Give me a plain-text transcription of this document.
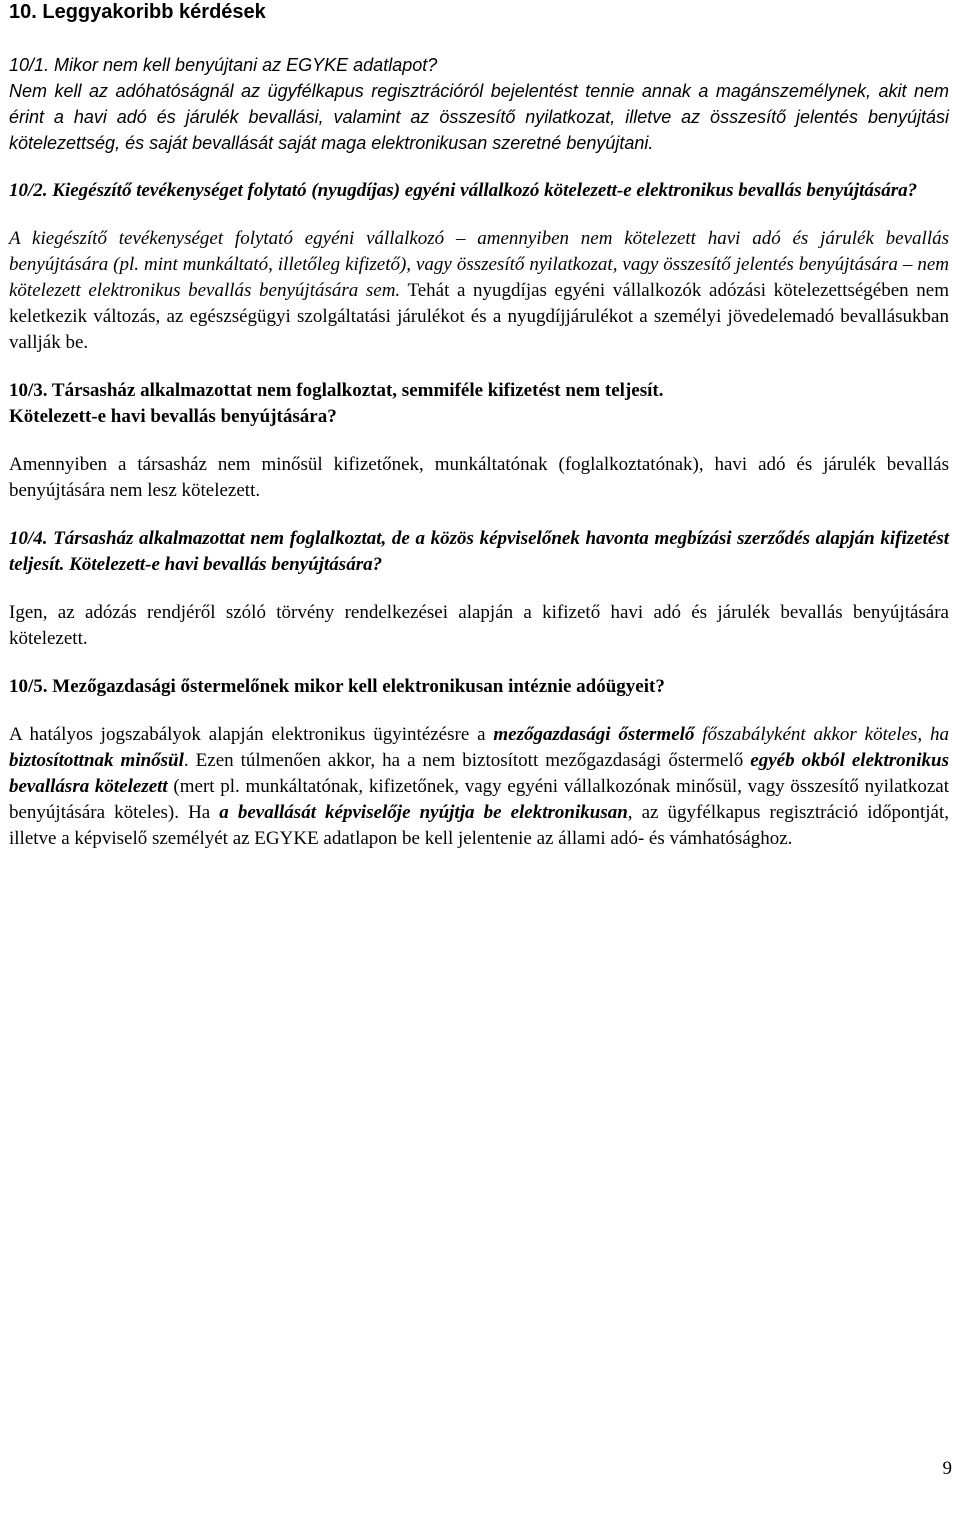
10. Leggyakoribb kérdések
10/1. Mikor nem kell benyújtani az EGYKE adatlapot?
Nem kell az adóhatóságnál az ügyfélkapus regisztrációról bejelentést tennie annak a magánszemélynek, akit nem érint a havi adó és járulék bevallási, valamint az összesítő nyilatkozat, illetve az összesítő jelentés benyújtási kötelezettség, és saját bevallását saját maga elektronikusan szeretné benyújtani.
10/2. Kiegészítő tevékenységet folytató (nyugdíjas) egyéni vállalkozó kötelezett-e elektronikus bevallás benyújtására?
A kiegészítő tevékenységet folytató egyéni vállalkozó – amennyiben nem kötelezett havi adó és járulék bevallás benyújtására (pl. mint munkáltató, illetőleg kifizető), vagy összesítő nyilatkozat, vagy összesítő jelentés benyújtására – nem kötelezett elektronikus bevallás benyújtására sem. Tehát a nyugdíjas egyéni vállalkozók adózási kötelezettségében nem keletkezik változás, az egészségügyi szolgáltatási járulékot és a nyugdíjjárulékot a személyi jövedelemadó bevallásukban vallják be.
10/3. Társasház alkalmazottat nem foglalkoztat, semmiféle kifizetést nem teljesít.
Kötelezett-e havi bevallás benyújtására?
Amennyiben a társasház nem minősül kifizetőnek, munkáltatónak (foglalkoztatónak), havi adó és járulék bevallás benyújtására nem lesz kötelezett.
10/4. Társasház alkalmazottat nem foglalkoztat, de a közös képviselőnek havonta megbízási szerződés alapján kifizetést teljesít. Kötelezett-e havi bevallás benyújtására?
Igen, az adózás rendjéről szóló törvény rendelkezései alapján a kifizető havi adó és járulék bevallás benyújtására kötelezett.
10/5. Mezőgazdasági őstermelőnek mikor kell elektronikusan intéznie adóügyeit?
A hatályos jogszabályok alapján elektronikus ügyintézésre a mezőgazdasági őstermelő főszabályként akkor köteles, ha biztosítottnak minősül. Ezen túlmenően akkor, ha a nem biztosított mezőgazdasági őstermelő egyéb okból elektronikus bevallásra kötelezett (mert pl. munkáltatónak, kifizetőnek, vagy egyéni vállalkozónak minősül, vagy összesítő nyilatkozat benyújtására köteles). Ha a bevallását képviselője nyújtja be elektronikusan, az ügyfélkapus regisztráció időpontját, illetve a képviselő személyét az EGYKE adatlapon be kell jelentenie az állami adó- és vámhatósághoz.
9
